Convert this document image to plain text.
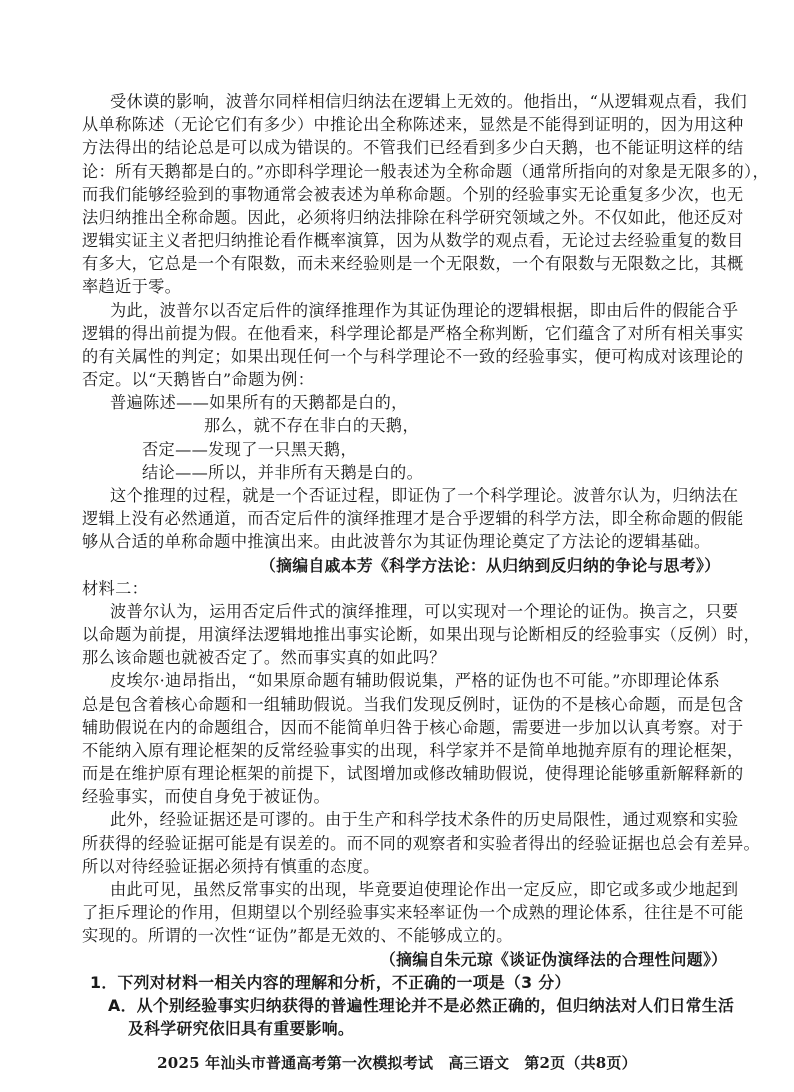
受休谟的影响，波普尔同样相信归纳法在逻辑上无效的。他指出，“从逻辑观点看，我们
从单称陈述（无论它们有多少）中推论出全称陈述来，显然是不能得到证明的，因为用这种
方法得出的结论总是可以成为错误的。不管我们已经看到多少白天鹅，也不能证明这样的结
论：所有天鹅都是白的。”亦即科学理论一般表述为全称命题（通常所指向的对象是无限多的），
而我们能够经验到的事物通常会被表述为单称命题。个别的经验事实无论重复多少次，也无
法归纳推出全称命题。因此，必须将归纳法排除在科学研究领域之外。不仅如此，他还反对
逻辑实证主义者把归纳推论看作概率演算，因为从数学的观点看，无论过去经验重复的数目
有多大，它总是一个有限数，而未来经验则是一个无限数，一个有限数与无限数之比，其概
率趋近于零。
为此，波普尔以否定后件的演绎推理作为其证伪理论的逻辑根据，即由后件的假能合乎
逻辑的得出前提为假。在他看来，科学理论都是严格全称判断，它们蕴含了对所有相关事实
的有关属性的判定；如果出现任何一个与科学理论不一致的经验事实，便可构成对该理论的
否定。以“天鹅皆白”命题为例：
普遍陈述——如果所有的天鹅都是白的，
那么，就不存在非白的天鹅，
否定——发现了一只黑天鹅，
结论——所以，并非所有天鹅是白的。
这个推理的过程，就是一个否证过程，即证伪了一个科学理论。波普尔认为，归纳法在
逻辑上没有必然通道，而否定后件的演绎推理才是合乎逻辑的科学方法，即全称命题的假能
够从合适的单称命题中推演出来。由此波普尔为其证伪理论奠定了方法论的逻辑基础。
（摘编自戚本芳《科学方法论：从归纳到反归纳的争论与思考》）
材料二：
波普尔认为，运用否定后件式的演绎推理，可以实现对一个理论的证伪。换言之，只要
以命题为前提，用演绎法逻辑地推出事实论断，如果出现与论断相反的经验事实（反例）时，
那么该命题也就被否定了。然而事实真的如此吗？
皮埃尔·迪昂指出，“如果原命题有辅助假说集，严格的证伪也不可能。”亦即理论体系
总是包含着核心命题和一组辅助假说。当我们发现反例时，证伪的不是核心命题，而是包含
辅助假说在内的命题组合，因而不能简单归咎于核心命题，需要进一步加以认真考察。对于
不能纳入原有理论框架的反常经验事实的出现，科学家并不是简单地抛弃原有的理论框架，
而是在维护原有理论框架的前提下，试图增加或修改辅助假说，使得理论能够重新解释新的
经验事实，而使自身免于被证伪。
此外，经验证据还是可谬的。由于生产和科学技术条件的历史局限性，通过观察和实验
所获得的经验证据可能是有误差的。而不同的观察者和实验者得出的经验证据也总会有差异。
所以对待经验证据必须持有慎重的态度。
由此可见，虽然反常事实的出现，毕竟要迫使理论作出一定反应，即它或多或少地起到
了拒斥理论的作用，但期望以个别经验事实来轻率证伪一个成熟的理论体系，往往是不可能
实现的。所谓的一次性“证伪”都是无效的、不能够成立的。
2025 年汕头市普通高考第一次模拟考试　高三语文　第2页（共8页）
（摘编自朱元琼《谈证伪演绎法的合理性问题》）
1．下列对材料一相关内容的理解和分析，不正确的一项是（3 分）
A．从个别经验事实归纳获得的普遍性理论并不是必然正确的，但归纳法对人们日常生活
及科学研究依旧具有重要影响。
